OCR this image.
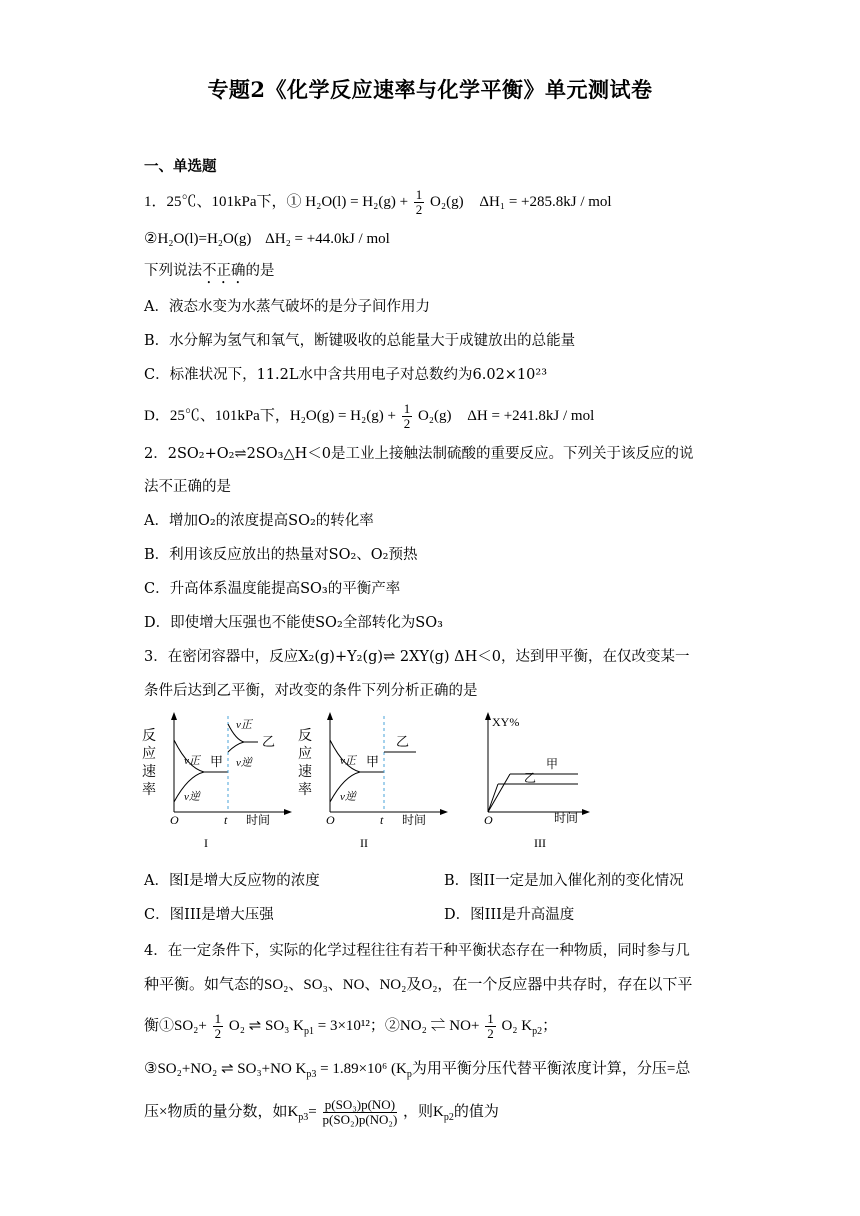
专题2《化学反应速率与化学平衡》单元测试卷
一、单选题
1．25℃、101kPa下，① $H_2O(l) = H_2(g) + \frac{1}{2} O_2(g) \Delta H_1 = +285.8kJ$ / mol
②H₂O(l)=H₂O(g) ΔH₂ = +44.0kJ / mol
下列说法不正确的是
A．液态水变为水蒸气破坏的是分子间作用力
B．水分解为氢气和氧气，断键吸收的总能量大于成键放出的总能量
C．标准状况下，11.2L水中含共用电子对总数约为6.02×10²³
D．25℃、101kPa下，$H_2O(g) = H_2(g) + \frac{1}{2} O_2(g) \Delta H = +241.8kJ$ / mol
2．2SO₂+O₂⇌2SO₃△H＜0是工业上接触法制硫酸的重要反应。下列关于该反应的说
法不正确的是
A．增加O₂的浓度提高SO₂的转化率
B．利用该反应放出的热量对SO₂、O₂预热
C．升高体系温度能提高SO₃的平衡产率
D．即使增大压强也不能使SO₂全部转化为SO₃
3．在密闭容器中，反应X₂(g)+Y₂(g)⇌ 2XY(g) ΔH＜0，达到甲平衡，在仅改变某一
条件后达到乙平衡，对改变的条件下列分析正确的是
反
应
速
率
v正
v逆
甲
v正
v逆
乙
O	t 时间
I
反
应
速
率
v正
v逆
甲
乙
O	t 时间
II
XY%
甲
乙
O	时间
III
A．图I是增大反应物的浓度	B．图II一定是加入催化剂的变化情况
C．图III是增大压强	D．图III是升高温度
4．在一定条件下，实际的化学过程往往有若干种平衡状态存在一种物质，同时参与几
种平衡。如气态的SO₂、SO₃、NO、NO₂及O₂，在一个反应器中共存时，存在以下平
衡①SO₂+ $\frac{1}{2} O_2$ ⇌ SO₃ $K_{p1} = 3\times 10^{12}$；②NO₂ ⇌ $NO+ \frac{1}{2} O_2$ $K_{p2}$；
③SO₂+NO₂ ⇌ SO₃+NO $K_{p3} = 1.89\times 10^6$ ($K_p$为用平衡分压代替平衡浓度计算，分压=总
压×物质的量分数，如$K_{p3}= \frac{\text{p(SO₃)p(NO)}}{\text{p(SO₂)p(NO₂)}}$ ，则$K_{p2}$的值为
